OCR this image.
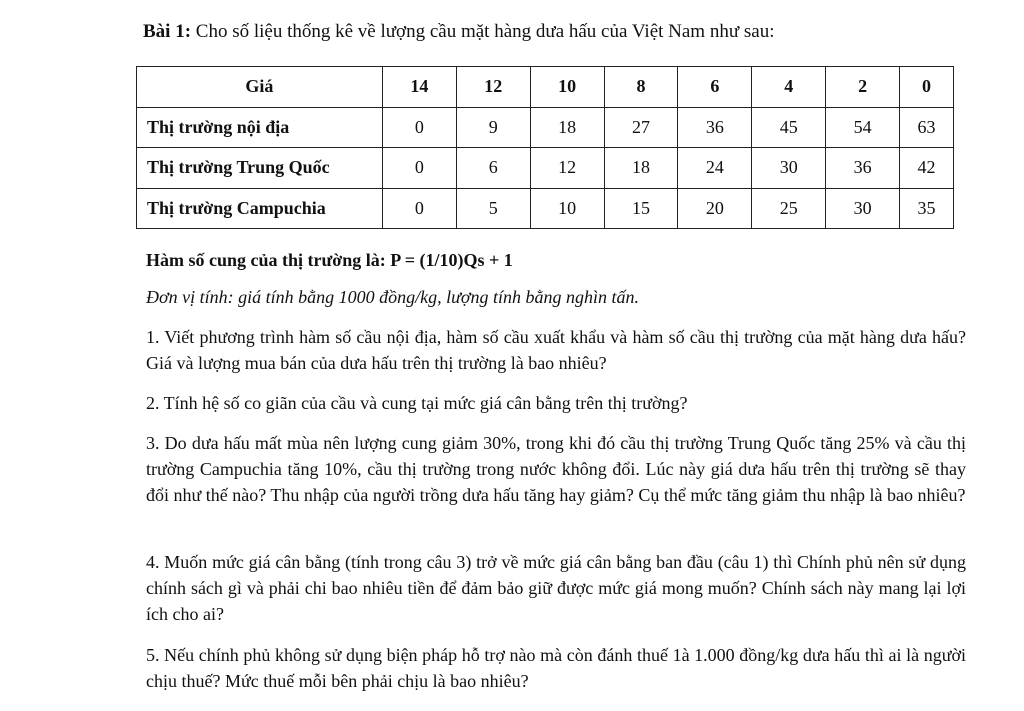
Bài 1: Cho số liệu thống kê về lượng cầu mặt hàng dưa hấu của Việt Nam như sau:
Giá	14	12	10	8	6	4	2	0
Thị trường nội địa	0	9	18	27	36	45	54	63
Thị trường Trung Quốc	0	6	12	18	24	30	36	42
Thị trường Campuchia	0	5	10	15	20	25	30	35
Hàm số cung của thị trường là: P = (1/10)Qs + 1
Đơn vị tính: giá tính bằng 1000 đồng/kg, lượng tính bằng nghìn tấn.
1. Viết phương trình hàm số cầu nội địa, hàm số cầu xuất khẩu và hàm số cầu thị trường của mặt hàng dưa hấu? Giá và lượng mua bán của dưa hấu trên thị trường là bao nhiêu?
2. Tính hệ số co giãn của cầu và cung tại mức giá cân bằng trên thị trường?
3. Do dưa hấu mất mùa nên lượng cung giảm 30%, trong khi đó cầu thị trường Trung Quốc tăng 25% và cầu thị trường Campuchia tăng 10%, cầu thị trường trong nước không đổi. Lúc này giá dưa hấu trên thị trường sẽ thay đổi như thế nào? Thu nhập của người trồng dưa hấu tăng hay giảm? Cụ thể mức tăng giảm thu nhập là bao nhiêu?
4. Muốn mức giá cân bằng (tính trong câu 3) trở về mức giá cân bằng ban đầu (câu 1) thì Chính phủ nên sử dụng chính sách gì và phải chi bao nhiêu tiền để đảm bảo giữ được mức giá mong muốn? Chính sách này mang lại lợi ích cho ai?
5. Nếu chính phủ không sử dụng biện pháp hỗ trợ nào mà còn đánh thuế 1à 1.000 đồng/kg dưa hấu thì ai là người chịu thuế? Mức thuế mỗi bên phải chịu là bao nhiêu?
